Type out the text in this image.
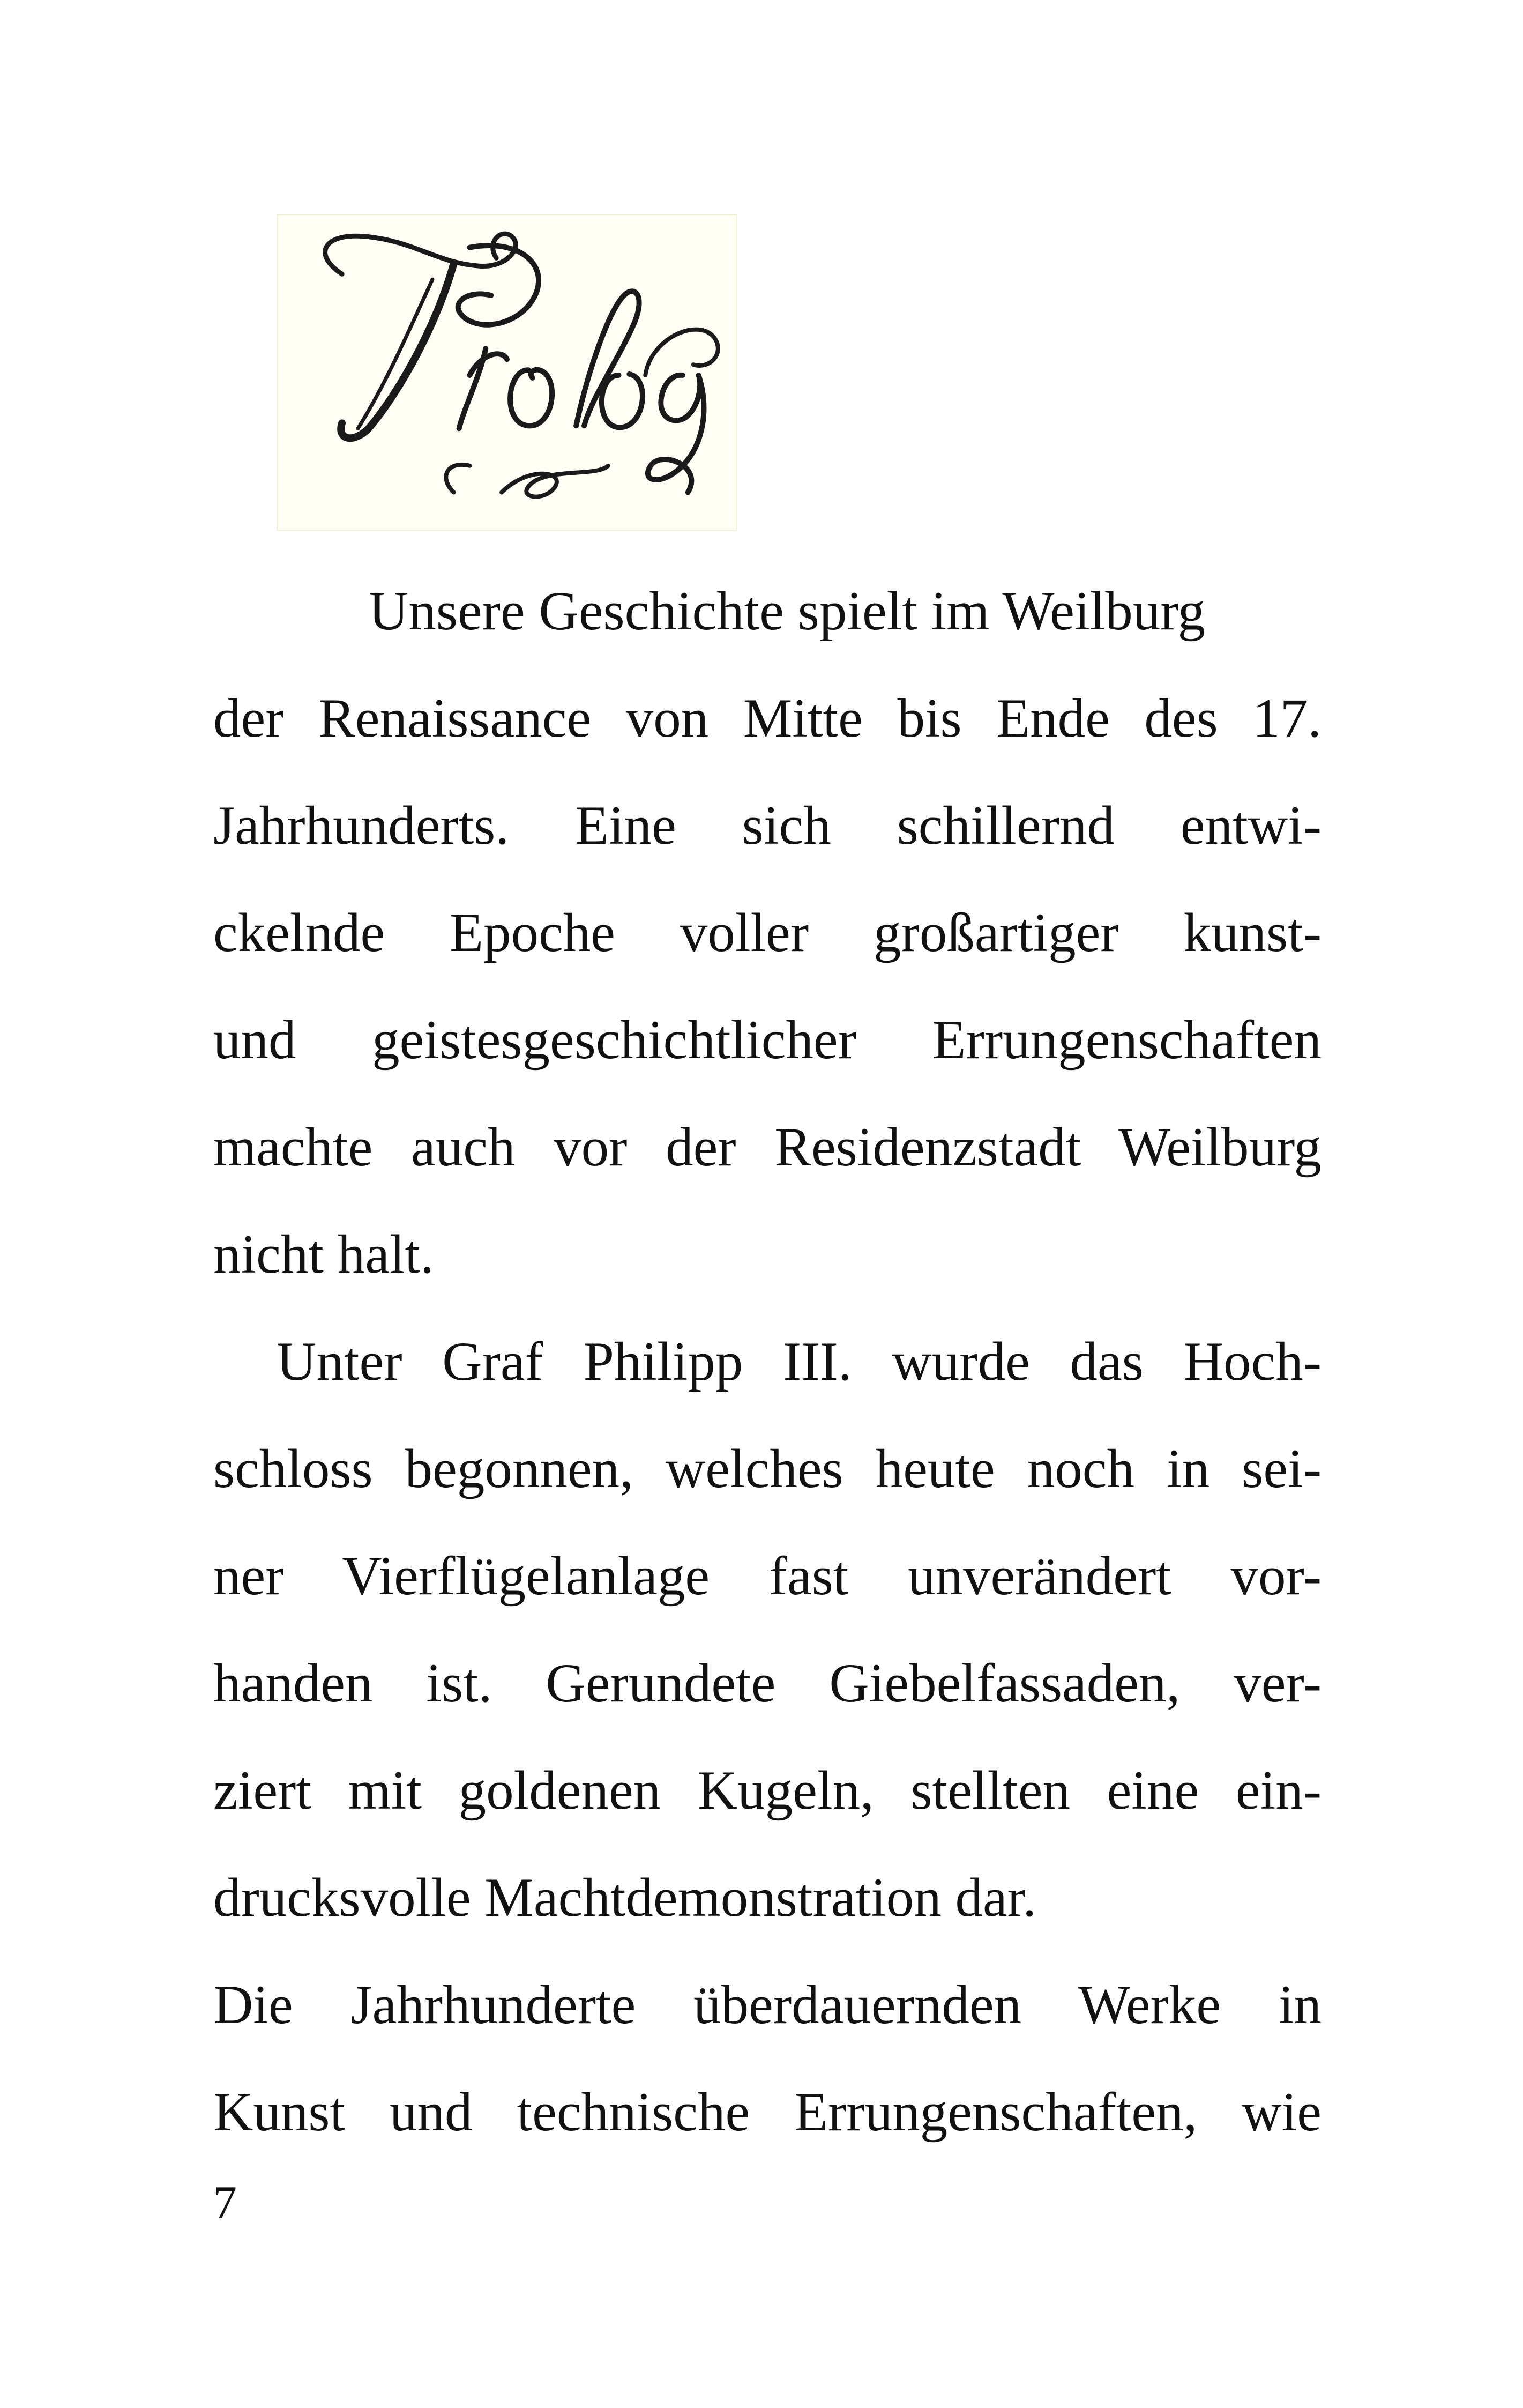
Unsere Geschichte spielt im Weilburg
der Renaissance von Mitte bis Ende des 17.
Jahrhunderts. Eine sich schillernd entwi-
ckelnde Epoche voller großartiger kunst-
und geistesgeschichtlicher Errungenschaften
machte auch vor der Residenzstadt Weilburg
nicht halt.
Unter Graf Philipp III. wurde das Hoch-
schloss begonnen, welches heute noch in sei-
ner Vierflügelanlage fast unverändert vor-
handen ist. Gerundete Giebelfassaden, ver-
ziert mit goldenen Kugeln, stellten eine ein-
drucksvolle Machtdemonstration dar.
Die Jahrhunderte überdauernden Werke in
Kunst und technische Errungenschaften, wie
7
